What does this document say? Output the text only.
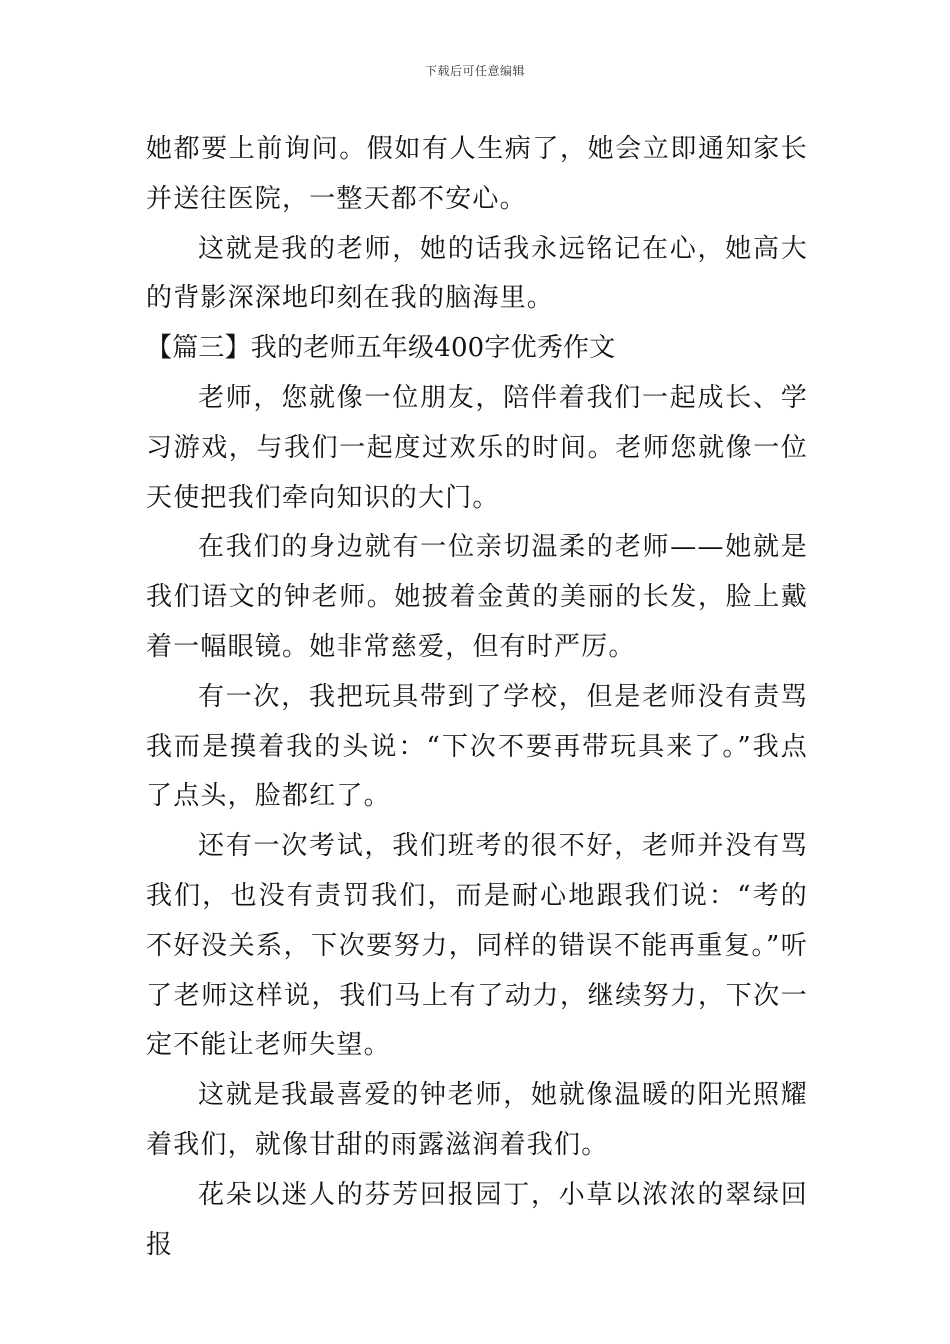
下载后可任意编辑

她都要上前询问。假如有人生病了，她会立即通知家长并送往医院，一整天都不安心。

这就是我的老师，她的话我永远铭记在心，她高大的背影深深地印刻在我的脑海里。

【篇三】我的老师五年级400字优秀作文

老师，您就像一位朋友，陪伴着我们一起成长、学习游戏，与我们一起度过欢乐的时间。老师您就像一位天使把我们牵向知识的大门。

在我们的身边就有一位亲切温柔的老师——她就是我们语文的钟老师。她披着金黄的美丽的长发，脸上戴着一幅眼镜。她非常慈爱，但有时严厉。

有一次，我把玩具带到了学校，但是老师没有责骂我而是摸着我的头说：“下次不要再带玩具来了。”我点了点头，脸都红了。

还有一次考试，我们班考的很不好，老师并没有骂我们，也没有责罚我们，而是耐心地跟我们说：“考的不好没关系，下次要努力，同样的错误不能再重复。”听了老师这样说，我们马上有了动力，继续努力，下次一定不能让老师失望。

这就是我最喜爱的钟老师，她就像温暖的阳光照耀着我们，就像甘甜的雨露滋润着我们。

花朵以迷人的芬芳回报园丁，小草以浓浓的翠绿回报
